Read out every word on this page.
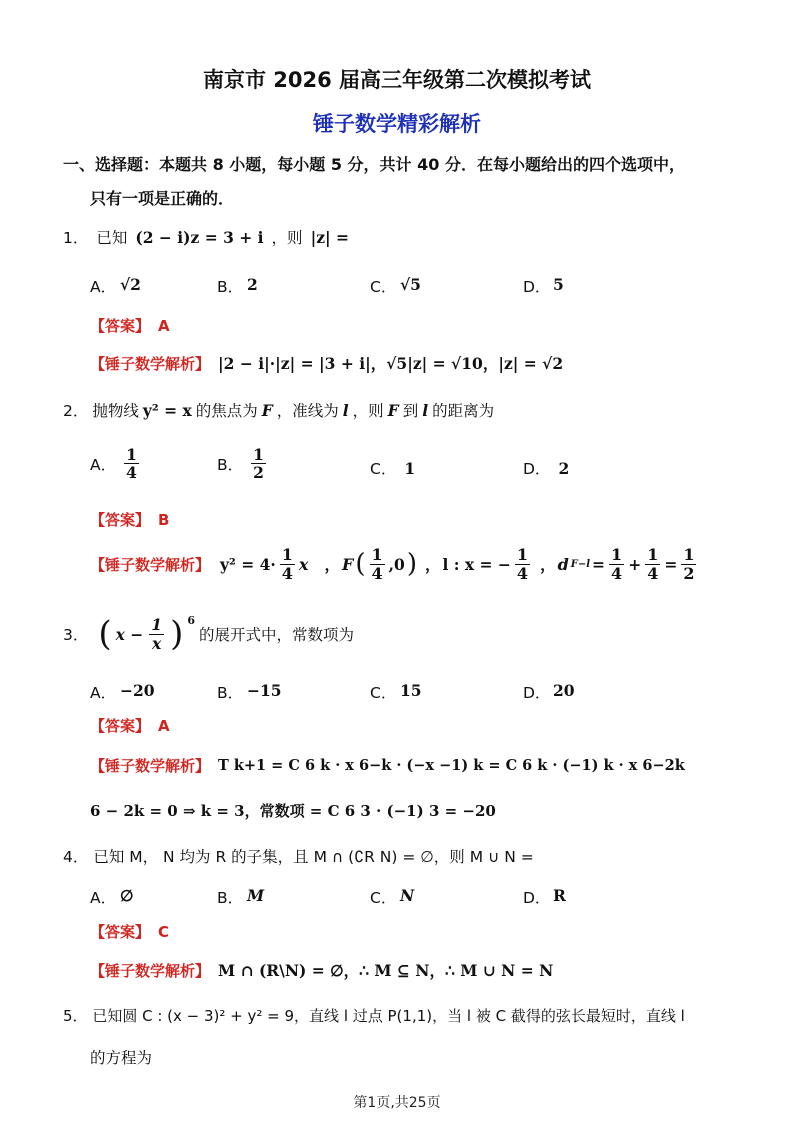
南京市 2026 届高三年级第二次模拟考试
锤子数学精彩解析
一、选择题：本题共 8 小题，每小题 5 分，共计 40 分．在每小题给出的四个选项中，
只有一项是正确的．
1． 已知 (2 − i)z = 3 + i ，则 |z| =
A． √2	B． 2	C． √5	D． 5
【答案】 A
【锤子数学解析】 |2 − i|·|z| = |3 + i|，√5|z| = √10，|z| = √2
2． 抛物线 y² = x 的焦点为 F ，准线为 l ，则 F 到 l 的距离为
A． $\frac{1}{4}$	B． $\frac{1}{2}$	C． 1	D． 2
【答案】 B
【锤子数学解析】 $y^2 = 4\cdot \frac{1}{4}$ x ， F ( $\frac{1}{4} ,0$ ) ， l : x = − $\frac{1}{4}$ ， d $F-l = \frac{1}{4} + \frac{1}{4} = \frac{1}{2}$
3． ( $x - \frac{1}{x}$ ) $^6$
的展开式中，常数项为
A． −20	B． −15	C． 15	D． 20
【答案】 A
【锤子数学解析】 T k+1 = C 6 k · x 6−k · (−x −1) k = C 6 k · (−1) k · x 6−2k
6 − 2k = 0 ⇒ k = 3，常数项 = C 6 3 · (−1) 3 = −20
4． 已知 M， N 均为 R 的子集，且 M ∩ (∁R N) = ∅，则 M ∪ N =
A． ∅	B． M	C． N	D． R
【答案】 C
【锤子数学解析】 M ∩ (R\N) = ∅，∴ M ⊆ N，∴ M ∪ N = N
5． 已知圆 C : (x − 3)² + y² = 9，直线 l 过点 P(1,1)，当 l 被 C 截得的弦长最短时，直线 l
的方程为
第1页,共25页
